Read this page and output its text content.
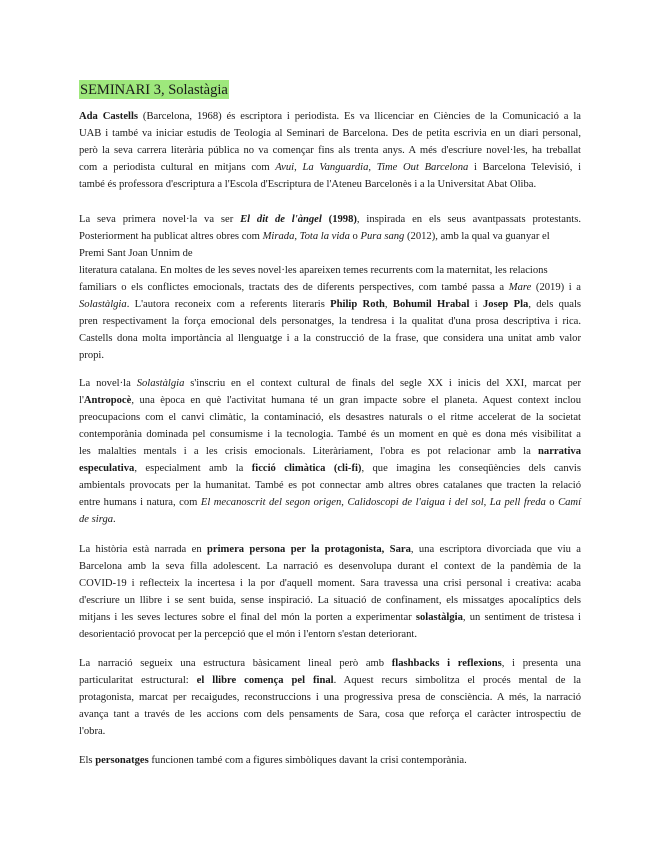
SEMINARI 3, Solastàgia
Ada Castells (Barcelona, 1968) és escriptora i periodista. Es va llicenciar en Ciències de la Comunicació a la
UAB i també va iniciar estudis de Teologia al Seminari de Barcelona. Des de petita escrivia en un diari personal,
però la seva carrera literària pública no va començar fins als trenta anys. A més d'escriure novel·les, ha treballat
com a periodista cultural en mitjans com Avui, La Vanguardia, Time Out Barcelona i Barcelona Televisió, i
també és professora d'escriptura a l'Escola d'Escriptura de l'Ateneu Barcelonès i a la Universitat Abat Oliba.
La seva primera novel·la va ser El dit de l'àngel (1998), inspirada en els seus avantpassats protestants.
Posteriorment ha publicat altres obres com Mirada, Tota la vida o Pura sang (2012), amb la qual va guanyar el
Premi Sant Joan Unnim de
literatura catalana. En moltes de les seves novel·les apareixen temes recurrents com la maternitat, les relacions
familiars o els conflictes emocionals, tractats des de diferents perspectives, com també passa a Mare (2019) i a
Solastàlgia. L'autora reconeix com a referents literaris Philip Roth, Bohumil Hrabal i Josep Pla, dels quals
pren respectivament la força emocional dels personatges, la tendresa i la qualitat d'una prosa descriptiva i rica.
Castells dona molta importància al llenguatge i a la construcció de la frase, que considera una unitat amb valor
propi.
La novel·la Solastàlgia s'inscriu en el context cultural de finals del segle XX i inicis del XXI, marcat per
l'Antropocè, una època en què l'activitat humana té un gran impacte sobre el planeta. Aquest context inclou
preocupacions com el canvi climàtic, la contaminació, els desastres naturals o el ritme accelerat de la societat
contemporània dominada pel consumisme i la tecnologia. També és un moment en què es dona més visibilitat a
les malalties mentals i a les crisis emocionals. Literàriament, l'obra es pot relacionar amb la narrativa
especulativa, especialment amb la ficció climàtica (cli-fi), que imagina les conseqüències dels canvis
ambientals provocats per la humanitat. També es pot connectar amb altres obres catalanes que tracten la relació
entre humans i natura, com El mecanoscrit del segon origen, Calidoscopi de l'aigua i del sol, La pell freda o Camí
de sirga.
La història està narrada en primera persona per la protagonista, Sara, una escriptora divorciada que viu a
Barcelona amb la seva filla adolescent. La narració es desenvolupa durant el context de la pandèmia de la
COVID-19 i reflecteix la incertesa i la por d'aquell moment. Sara travessa una crisi personal i creativa: acaba
d'escriure un llibre i se sent buida, sense inspiració. La situació de confinament, els missatges apocalíptics dels
mitjans i les seves lectures sobre el final del món la porten a experimentar solastàlgia, un sentiment de tristesa i
desorientació provocat per la percepció que el món i l'entorn s'estan deteriorant.
La narració segueix una estructura bàsicament lineal però amb flashbacks i reflexions, i presenta una
particularitat estructural: el llibre comença pel final. Aquest recurs simbolitza el procés mental de la
protagonista, marcat per recaigudes, reconstruccions i una progressiva presa de consciència. A més, la narració
avança tant a través de les accions com dels pensaments de Sara, cosa que reforça el caràcter introspectiu de
l'obra.
Els personatges funcionen també com a figures simbòliques davant la crisi contemporània.
